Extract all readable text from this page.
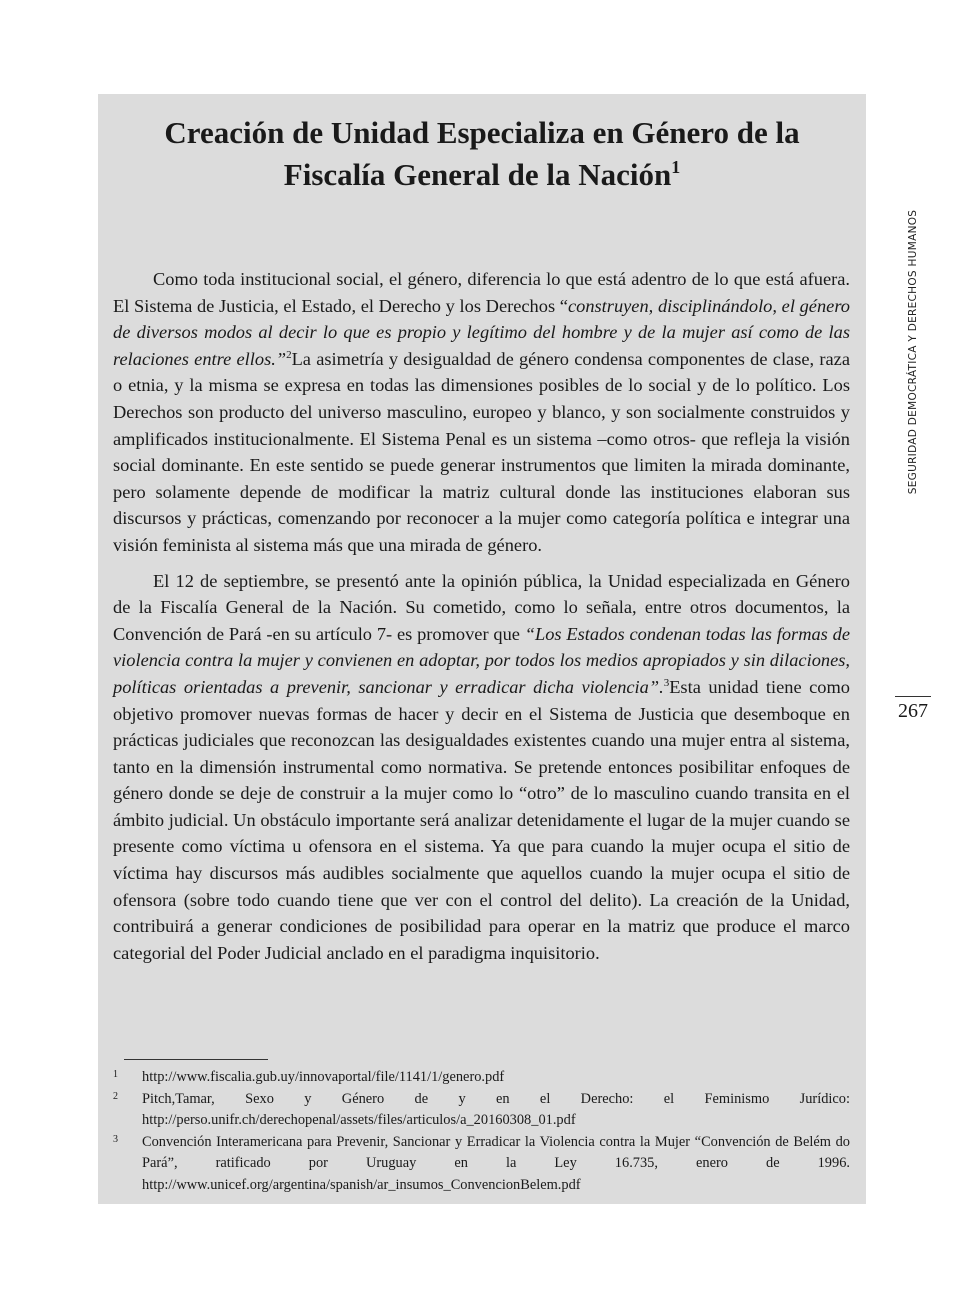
Creación de Unidad Especializa en Género de la
Fiscalía General de la Nación$^1$

Como toda institucional social, el género, diferencia lo que está adentro de lo que está afuera. El Sistema de Justicia, el Estado, el Derecho y los Derechos “construyen, disciplinándolo, el género de diversos modos al decir lo que es propio y legítimo del hombre y de la mujer así como de las relaciones entre ellos.”$^2$La asimetría y desigualdad de género condensa componentes de clase, raza o etnia, y la misma se expresa en todas las dimensiones posibles de lo social y de lo político. Los Derechos son producto del universo masculino, europeo y blanco, y son socialmente construidos y amplificados institucionalmente. El Sistema Penal es un sistema –como otros- que refleja la visión social dominante. En este sentido se puede generar instrumentos que limiten la mirada dominante, pero solamente depende de modificar la matriz cultural donde las instituciones elaboran sus discursos y prácticas, comenzando por reconocer a la mujer como categoría política e integrar una visión feminista al sistema más que una mirada de género.

El 12 de septiembre, se presentó ante la opinión pública, la Unidad especializada en Género de la Fiscalía General de la Nación. Su cometido, como lo señala, entre otros documentos, la Convención de Pará -en su artículo 7- es promover que “Los Estados condenan todas las formas de violencia contra la mujer y convienen en adoptar, por todos los medios apropiados y sin dilaciones, políticas orientadas a prevenir, sancionar y erradicar dicha violencia”.$^3$Esta unidad tiene como objetivo promover nuevas formas de hacer y decir en el Sistema de Justicia que desemboque en prácticas judiciales que reconozcan las desigualdades existentes cuando una mujer entra al sistema, tanto en la dimensión instrumental como normativa. Se pretende entonces posibilitar enfoques de género donde se deje de construir a la mujer como lo “otro” de lo masculino cuando transita en el ámbito judicial. Un obstáculo importante será analizar detenidamente el lugar de la mujer cuando se presente como víctima u ofensora en el sistema. Ya que para cuando la mujer ocupa el sitio de víctima hay discursos más audibles socialmente que aquellos cuando la mujer ocupa el sitio de ofensora (sobre todo cuando tiene que ver con el control del delito). La creación de la Unidad, contribuirá a generar condiciones de posibilidad para operar en la matriz que produce el marco categorial del Poder Judicial anclado en el paradigma inquisitorio.

1 http://www.fiscalia.gub.uy/innovaportal/file/1141/1/genero.pdf
2 Pitch,Tamar, Sexo y Género de y en el Derecho: el Feminismo Jurídico: http://perso.unifr.ch/derechopenal/assets/files/articulos/a_20160308_01.pdf
3 Convención Interamericana para Prevenir, Sancionar y Erradicar la Violencia contra la Mujer “Convención de Belém do Pará”, ratificado por Uruguay en la Ley 16.735, enero de 1996. http://www.unicef.org/argentina/spanish/ar_insumos_ConvencionBelem.pdf
SEGURIDAD DEMOCRÁTICA Y DERECHOS HUMANOS
267
